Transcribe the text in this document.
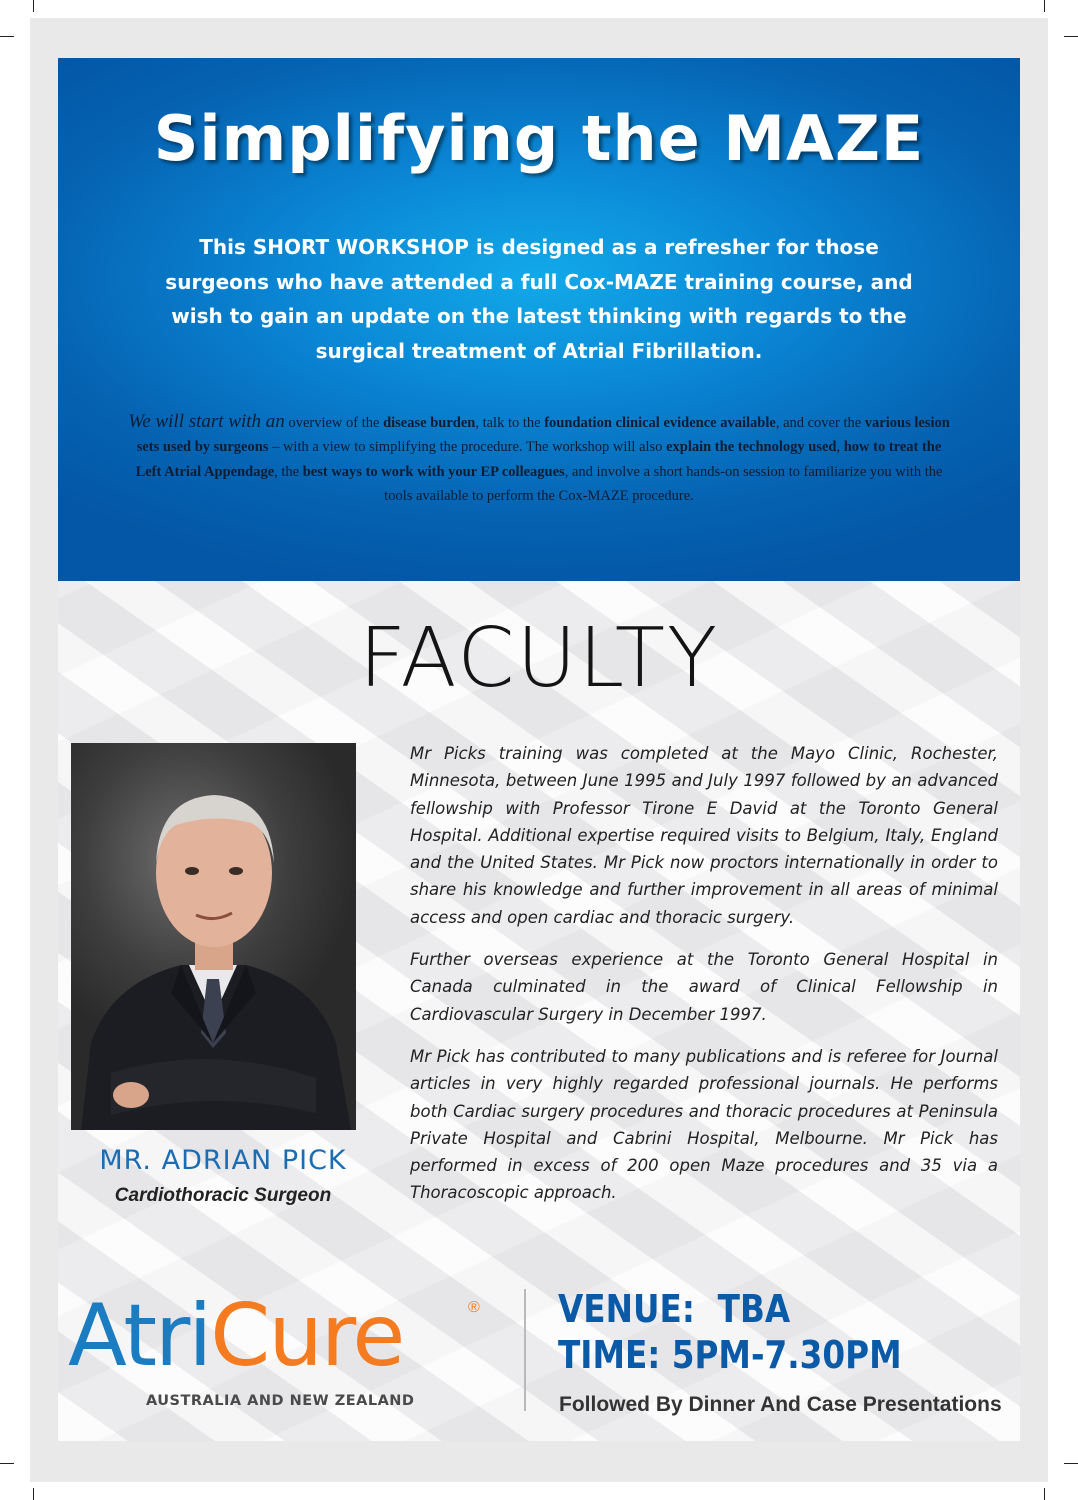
Simplifying the MAZE

This SHORT WORKSHOP is designed as a refresher for those surgeons who have attended a full Cox-MAZE training course, and wish to gain an update on the latest thinking with regards to the surgical treatment of Atrial Fibrillation.

We will start with an overview of the disease burden, talk to the foundation clinical evidence available, and cover the various lesion sets used by surgeons – with a view to simplifying the procedure. The workshop will also explain the technology used, how to treat the Left Atrial Appendage, the best ways to work with your EP colleagues, and involve a short hands-on session to familiarize you with the tools available to perform the Cox-MAZE procedure.

FACULTY
MR. ADRIAN PICK
Cardiothoracic Surgeon

Mr Picks training was completed at the Mayo Clinic, Rochester, Minnesota, between June 1995 and July 1997 followed by an advanced fellowship with Professor Tirone E David at the Toronto General Hospital. Additional expertise required visits to Belgium, Italy, England and the United States. Mr Pick now proctors internationally in order to share his knowledge and further improvement in all areas of minimal access and open cardiac and thoracic surgery.

Further overseas experience at the Toronto General Hospital in Canada culminated in the award of Clinical Fellowship in Cardiovascular Surgery in December 1997.

Mr Pick has contributed to many publications and is referee for Journal articles in very highly regarded professional journals. He performs both Cardiac surgery procedures and thoracic procedures at Peninsula Private Hospital and Cabrini Hospital, Melbourne. Mr Pick has performed in excess of 200 open Maze procedures and 35 via a Thoracoscopic approach.

AtriCure	®
AUSTRALIA AND NEW ZEALAND
VENUE:  TBA
TIME: 5PM-7.30PM
Followed By Dinner And Case Presentations
